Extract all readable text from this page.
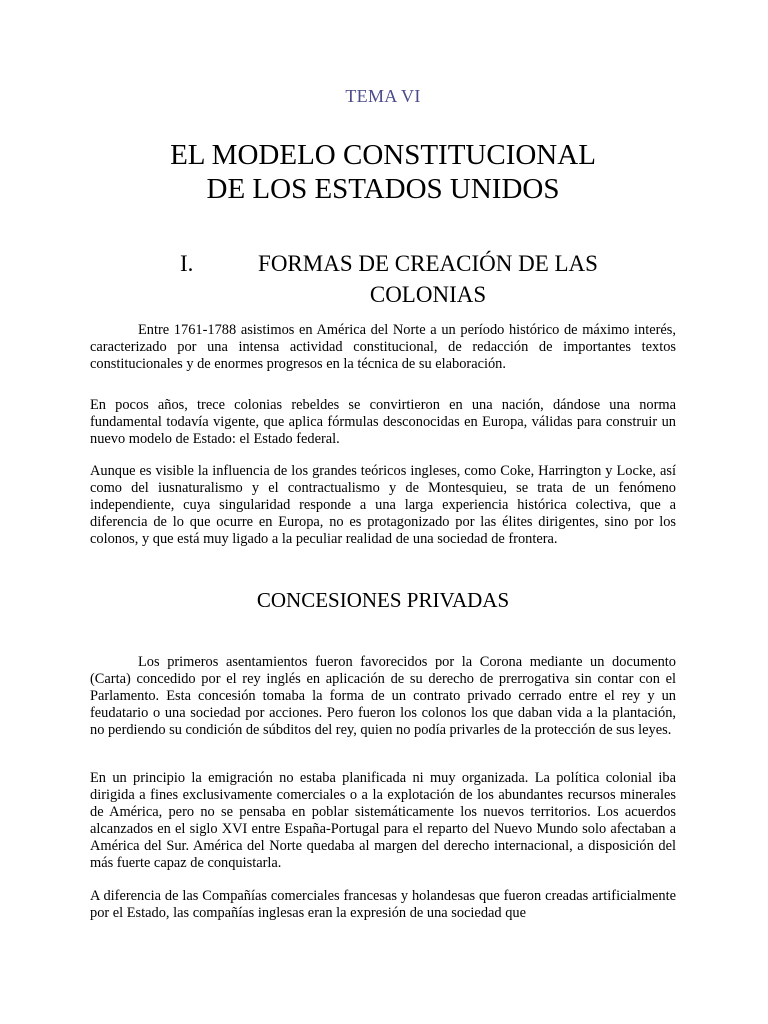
TEMA VI
EL MODELO CONSTITUCIONAL
DE LOS ESTADOS UNIDOS
I.	FORMAS DE CREACIÓN DE LAS
COLONIAS

Entre 1761-1788 asistimos en América del Norte a un período histórico de máximo interés, caracterizado por una intensa actividad constitucional, de redacción de importantes textos constitucionales y de enormes progresos en la técnica de su elaboración.

En pocos años, trece colonias rebeldes se convirtieron en una nación, dándose una norma fundamental todavía vigente, que aplica fórmulas desconocidas en Europa, válidas para construir un nuevo modelo de Estado: el Estado federal.

Aunque es visible la influencia de los grandes teóricos ingleses, como Coke, Harrington y Locke, así como del iusnaturalismo y el contractualismo y de Montesquieu, se trata de un fenómeno independiente, cuya singularidad responde a una larga experiencia histórica colectiva, que a diferencia de lo que ocurre en Europa, no es protagonizado por las élites dirigentes, sino por los colonos, y que está muy ligado a la peculiar realidad de una sociedad de frontera.

CONCESIONES PRIVADAS

Los primeros asentamientos fueron favorecidos por la Corona mediante un documento (Carta) concedido por el rey inglés en aplicación de su derecho de prerrogativa sin contar con el Parlamento. Esta concesión tomaba la forma de un contrato privado cerrado entre el rey y un feudatario o una sociedad por acciones. Pero fueron los colonos los que daban vida a la plantación, no perdiendo su condición de súbditos del rey, quien no podía privarles de la protección de sus leyes.

En un principio la emigración no estaba planificada ni muy organizada. La política colonial iba dirigida a fines exclusivamente comerciales o a la explotación de los abundantes recursos minerales de América, pero no se pensaba en poblar sistemáticamente los nuevos territorios. Los acuerdos alcanzados en el siglo XVI entre España-Portugal para el reparto del Nuevo Mundo solo afectaban a América del Sur. América del Norte quedaba al margen del derecho internacional, a disposición del más fuerte capaz de conquistarla.

A diferencia de las Compañías comerciales francesas y holandesas que fueron creadas artificialmente por el Estado, las compañías inglesas eran la expresión de una sociedad que
